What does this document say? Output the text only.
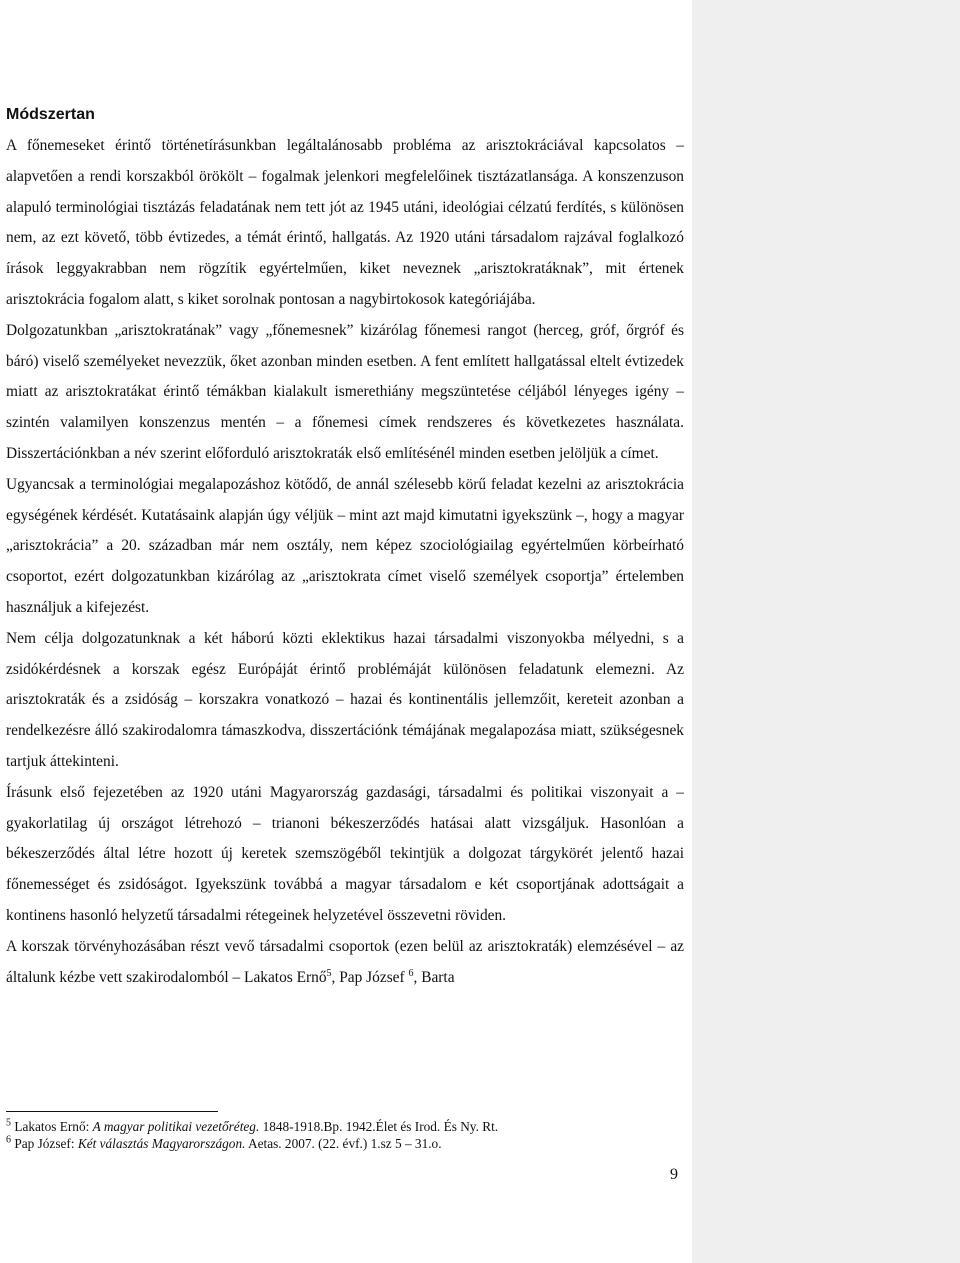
Módszertan

A főnemeseket érintő történetírásunkban legáltalánosabb probléma az arisztokráciával kapcsolatos – alapvetően a rendi korszakból örökölt – fogalmak jelenkori megfelelőinek tisztázatlansága. A konszenzuson alapuló terminológiai tisztázás feladatának nem tett jót az 1945 utáni, ideológiai célzatú ferdítés, s különösen nem, az ezt követő, több évtizedes, a témát érintő, hallgatás. Az 1920 utáni társadalom rajzával foglalkozó írások leggyakrabban nem rögzítik egyértelműen, kiket neveznek „arisztokratáknak”, mit értenek arisztokrácia fogalom alatt, s kiket sorolnak pontosan a nagybirtokosok kategóriájába.

Dolgozatunkban „arisztokratának” vagy „főnemesnek” kizárólag főnemesi rangot (herceg, gróf, őrgróf és báró) viselő személyeket nevezzük, őket azonban minden esetben. A fent említett hallgatással eltelt évtizedek miatt az arisztokratákat érintő témákban kialakult ismerethiány megszüntetése céljából lényeges igény – szintén valamilyen konszenzus mentén – a főnemesi címek rendszeres és következetes használata. Disszertációnkban a név szerint előforduló arisztokraták első említésénél minden esetben jelöljük a címet.

Ugyancsak a terminológiai megalapozáshoz kötődő, de annál szélesebb körű feladat kezelni az arisztokrácia egységének kérdését. Kutatásaink alapján úgy véljük – mint azt majd kimutatni igyekszünk –, hogy a magyar „arisztokrácia” a 20. században már nem osztály, nem képez szociológiailag egyértelműen körbeírható csoportot, ezért dolgozatunkban kizárólag az „arisztokrata címet viselő személyek csoportja” értelemben használjuk a kifejezést.

Nem célja dolgozatunknak a két háború közti eklektikus hazai társadalmi viszonyokba mélyedni, s a zsidókérdésnek a korszak egész Európáját érintő problémáját különösen feladatunk elemezni. Az arisztokraták és a zsidóság – korszakra vonatkozó – hazai és kontinentális jellemzőit, kereteit azonban a rendelkezésre álló szakirodalomra támaszkodva, disszertációnk témájának megalapozása miatt, szükségesnek tartjuk áttekinteni.

Írásunk első fejezetében az 1920 utáni Magyarország gazdasági, társadalmi és politikai viszonyait a – gyakorlatilag új országot létrehozó – trianoni békeszerződés hatásai alatt vizsgáljuk. Hasonlóan a békeszerződés által létre hozott új keretek szemszögéből tekintjük a dolgozat tárgykörét jelentő hazai főnemességet és zsidóságot. Igyekszünk továbbá a magyar társadalom e két csoportjának adottságait a kontinens hasonló helyzetű társadalmi rétegeinek helyzetével összevetni röviden.

A korszak törvényhozásában részt vevő társadalmi csoportok (ezen belül az arisztokraták) elemzésével – az általunk kézbe vett szakirodalomból – Lakatos Ernő$^5$, Pap József $^6$, Barta

$^5$ Lakatos Ernő: A magyar politikai vezetőréteg. 1848-1918.Bp. 1942.Élet és Irod. És Ny. Rt.
$^6$ Pap József: Két választás Magyarországon. Aetas. 2007. (22. évf.) 1.sz 5 – 31.o.
9
